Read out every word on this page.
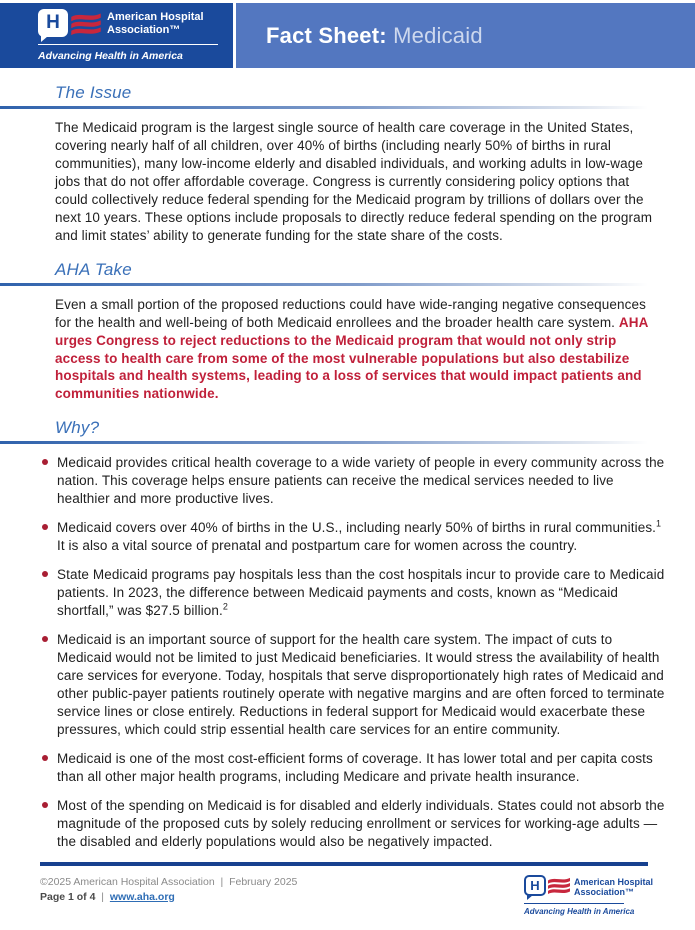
H	American Hospital
Association™
Advancing Health in America
Fact Sheet: Medicaid
The Issue

The Medicaid program is the largest single source of health care coverage in the United States, covering nearly half of all children, over 40% of births (including nearly 50% of births in rural communities), many low-income elderly and disabled individuals, and working adults in low-wage jobs that do not offer affordable coverage. Congress is currently considering policy options that could collectively reduce federal spending for the Medicaid program by trillions of dollars over the next 10 years. These options include proposals to directly reduce federal spending on the program and limit states’ ability to generate funding for the state share of the costs.

AHA Take

Even a small portion of the proposed reductions could have wide-ranging negative consequences for the health and well-being of both Medicaid enrollees and the broader health care system. AHA urges Congress to reject reductions to the Medicaid program that would not only strip access to health care from some of the most vulnerable populations but also destabilize hospitals and health systems, leading to a loss of services that would impact patients and communities nationwide.

Why?
Medicaid provides critical health coverage to a wide variety of people in every community across the nation. This coverage helps ensure patients can receive the medical services needed to live healthier and more productive lives.
Medicaid covers over 40% of births in the U.S., including nearly 50% of births in rural communities.$^1$ It is also a vital source of prenatal and postpartum care for women across the country.
State Medicaid programs pay hospitals less than the cost hospitals incur to provide care to Medicaid patients. In 2023, the difference between Medicaid payments and costs, known as “Medicaid shortfall,” was $27.5 billion.$^2$
Medicaid is an important source of support for the health care system. The impact of cuts to Medicaid would not be limited to just Medicaid beneficiaries. It would stress the availability of health care services for everyone. Today, hospitals that serve disproportionately high rates of Medicaid and other public-payer patients routinely operate with negative margins and are often forced to terminate service lines or close entirely. Reductions in federal support for Medicaid would exacerbate these pressures, which could strip essential health care services for an entire community.
Medicaid is one of the most cost-efficient forms of coverage. It has lower total and per capita costs than all other major health programs, including Medicare and private health insurance.
Most of the spending on Medicaid is for disabled and elderly individuals. States could not absorb the magnitude of the proposed cuts by solely reducing enrollment or services for working-age adults — the disabled and elderly populations would also be negatively impacted.
©2025 American Hospital Association | February 2025
Page 1 of 4 | www.aha.org
H	American Hospital
Association™
Advancing Health in America
